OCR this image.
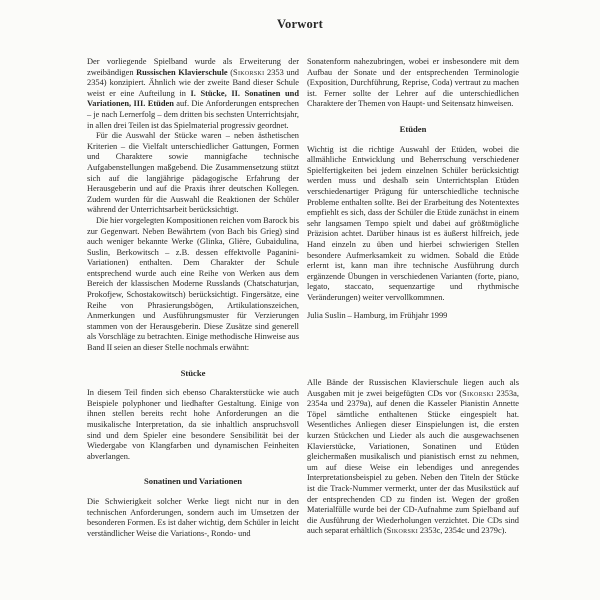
Vorwort

Der vorliegende Spielband wurde als Erweiterung der zweibändigen Russischen Klavierschule (Sikorski 2353 und 2354) konzipiert. Ähnlich wie der zweite Band dieser Schule weist er eine Aufteilung in I. Stücke, II. Sonatinen und Variationen, III. Etüden auf. Die Anforderungen entsprechen – je nach Lernerfolg – dem dritten bis sechsten Unterrichtsjahr, in allen drei Teilen ist das Spielmaterial progressiv geordnet.

Für die Auswahl der Stücke waren – neben ästhetischen Kriterien – die Vielfalt unterschiedlicher Gattungen, Formen und Charaktere sowie mannigfache technische Aufgabenstellungen maßgebend. Die Zusammensetzung stützt sich auf die langjährige pädagogische Erfahrung der Herausgeberin und auf die Praxis ihrer deutschen Kollegen. Zudem wurden für die Auswahl die Reaktionen der Schüler während der Unterrichtsarbeit berücksichtigt.

Die hier vorgelegten Kompositionen reichen vom Barock bis zur Gegenwart. Neben Bewährtem (von Bach bis Grieg) sind auch weniger bekannte Werke (Glinka, Glière, Gubaidulina, Suslin, Berkowitsch – z.B. dessen effektvolle Paganini-Variationen) enthalten. Dem Charakter der Schule entsprechend wurde auch eine Reihe von Werken aus dem Bereich der klassischen Moderne Russlands (Chatschaturjan, Prokofjew, Schostakowitsch) berücksichtigt. Fingersätze, eine Reihe von Phrasierungsbögen, Artikulationszeichen, Anmerkungen und Ausführungsmuster für Verzierungen stammen von der Herausgeberin. Diese Zusätze sind generell als Vorschläge zu betrachten. Einige methodische Hinweise aus Band II seien an dieser Stelle nochmals erwähnt:

Stücke

In diesem Teil finden sich ebenso Charakterstücke wie auch Beispiele polyphoner und liedhafter Gestaltung. Einige von ihnen stellen bereits recht hohe Anforderungen an die musikalische Interpretation, da sie inhaltlich anspruchsvoll sind und dem Spieler eine besondere Sensibilität bei der Wiedergabe von Klangfarben und dynamischen Feinheiten abverlangen.

Sonatinen und Variationen

Die Schwierigkeit solcher Werke liegt nicht nur in den technischen Anforderungen, sondern auch im Umsetzen der besonderen Formen. Es ist daher wichtig, dem Schüler in leicht verständlicher Weise die Variations-, Rondo- und

Sonatenform nahezubringen, wobei er insbesondere mit dem Aufbau der Sonate und der entsprechenden Terminologie (Exposition, Durchführung, Reprise, Coda) vertraut zu machen ist. Ferner sollte der Lehrer auf die unterschiedlichen Charaktere der Themen von Haupt- und Seitensatz hinweisen.

Etüden

Wichtig ist die richtige Auswahl der Etüden, wobei die allmähliche Entwicklung und Beherrschung verschiedener Spielfertigkeiten bei jedem einzelnen Schüler berücksichtigt werden muss und deshalb sein Unterrichtsplan Etüden verschiedenartiger Prägung für unterschiedliche technische Probleme enthalten sollte. Bei der Erarbeitung des Notentextes empfiehlt es sich, dass der Schüler die Etüde zunächst in einem sehr langsamen Tempo spielt und dabei auf größtmögliche Präzision achtet. Darüber hinaus ist es äußerst hilfreich, jede Hand einzeln zu üben und hierbei schwierigen Stellen besondere Aufmerksamkeit zu widmen. Sobald die Etüde erlernt ist, kann man ihre technische Ausführung durch ergänzende Übungen in verschiedenen Varianten (forte, piano, legato, staccato, sequenzartige und rhythmische Veränderungen) weiter vervollkommnen.

Julia Suslin – Hamburg, im Frühjahr 1999

Alle Bände der Russischen Klavierschule liegen auch als Ausgaben mit je zwei beigefügten CDs vor (Sikorski 2353a, 2354a und 2379a), auf denen die Kasseler Pianistin Annette Töpel sämtliche enthaltenen Stücke eingespielt hat. Wesentliches Anliegen dieser Einspielungen ist, die ersten kurzen Stückchen und Lieder als auch die ausgewachsenen Klavierstücke, Variationen, Sonatinen und Etüden gleichermaßen musikalisch und pianistisch ernst zu nehmen, um auf diese Weise ein lebendiges und anregendes Interpretationsbeispiel zu geben. Neben den Titeln der Stücke ist die Track-Nummer vermerkt, unter der das Musikstück auf der entsprechenden CD zu finden ist. Wegen der großen Materialfülle wurde bei der CD-Aufnahme zum Spielband auf die Ausführung der Wiederholungen verzichtet. Die CDs sind auch separat erhältlich (Sikorski 2353c, 2354c und 2379c).
